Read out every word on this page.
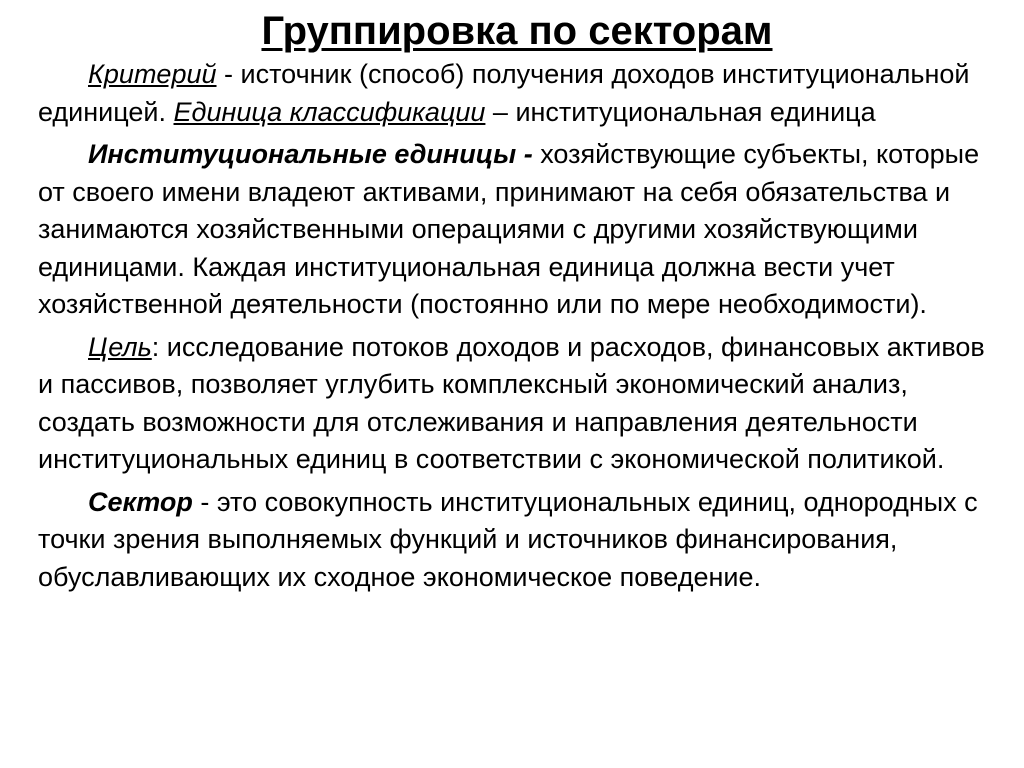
Группировка по секторам

Критерий - источник (способ) получения доходов институциональной единицей. Единица классификации – институциональная единица

Институциональные единицы - хозяйствующие субъекты, которые от своего имени владеют активами, принимают на себя обязательства и занимаются хозяйственными операциями с другими хозяйствующими единицами. Каждая институциональная единица должна вести учет хозяйственной деятельности (постоянно или по мере необходимости).

Цель: исследование потоков доходов и расходов, финансовых активов и пассивов, позволяет углубить комплексный экономический анализ, создать возможности для отслеживания и направления деятельности институциональных единиц в соответствии с экономической политикой.

Сектор - это совокупность институциональных единиц, однородных с точки зрения выполняемых функций и источников финансирования, обуславливающих их сходное экономическое поведение.
